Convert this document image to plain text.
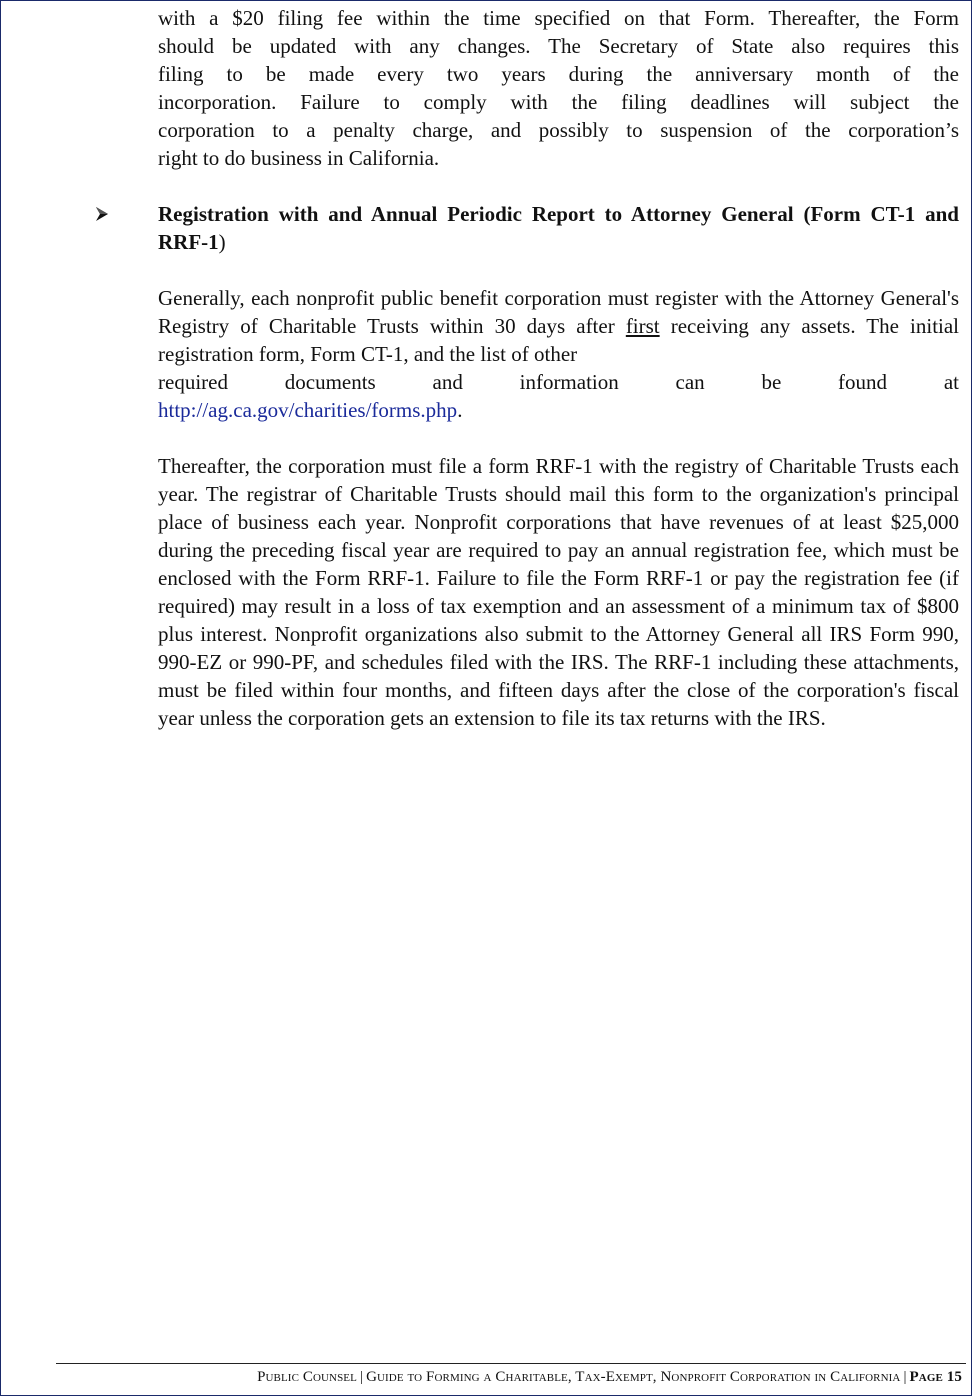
with a $20 filing fee within the time specified on that Form. Thereafter, the Form
should be updated with any changes. The Secretary of State also requires this
filing to be made every two years during the anniversary month of the
incorporation. Failure to comply with the filing deadlines will subject the
corporation to a penalty charge, and possibly to suspension of the corporation’s
right to do business in California.

Registration with and Annual Periodic Report to Attorney General (Form CT-1 and RRF-1)

Generally, each nonprofit public benefit corporation must register with the Attorney General's Registry of Charitable Trusts within 30 days after first receiving any assets. The initial registration form, Form CT-1, and the list of other
required documents and information can be found at
http://ag.ca.gov/charities/forms.php.

Thereafter, the corporation must file a form RRF-1 with the registry of Charitable Trusts each year. The registrar of Charitable Trusts should mail this form to the organization's principal place of business each year. Nonprofit corporations that have revenues of at least $25,000 during the preceding fiscal year are required to pay an annual registration fee, which must be enclosed with the Form RRF-1. Failure to file the Form RRF-1 or pay the registration fee (if required) may result in a loss of tax exemption and an assessment of a minimum tax of $800 plus interest. Nonprofit organizations also submit to the Attorney General all IRS Form 990, 990-EZ or 990-PF, and schedules filed with the IRS. The RRF-1 including these attachments, must be filed within four months, and fifteen days after the close of the corporation's fiscal year unless the corporation gets an extension to file its tax returns with the IRS.

Public Counsel | Guide to Forming a Charitable, Tax-Exempt, Nonprofit Corporation in California | Page 15
